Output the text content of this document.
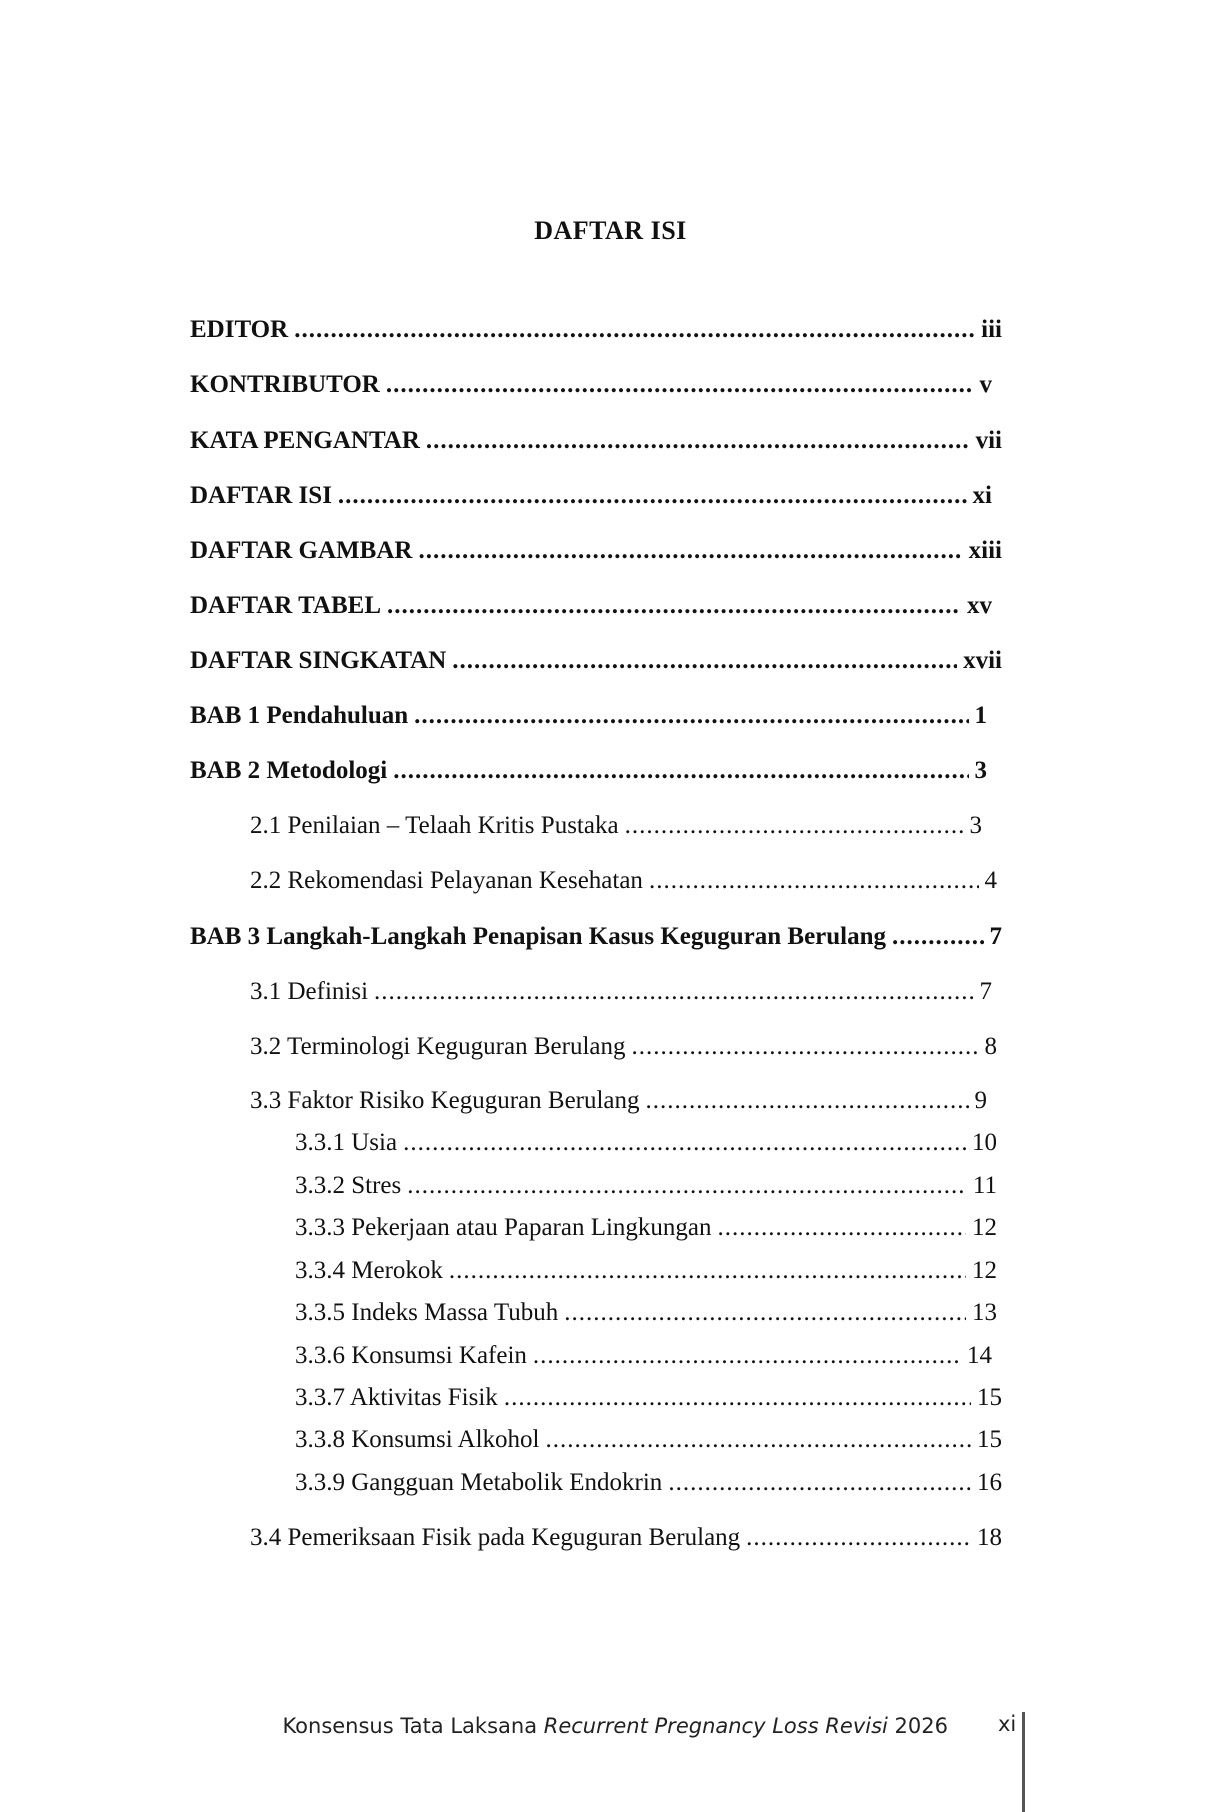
DAFTAR ISI
EDITOR .....	iii
KONTRIBUTOR .....	v
KATA PENGANTAR .....	vii
DAFTAR ISI .....	xi
DAFTAR GAMBAR .....	xiii
DAFTAR TABEL .....	xv
DAFTAR SINGKATAN .....	xvii
BAB 1 Pendahuluan .....	1
BAB 2 Metodologi .....	3
2.1 Penilaian – Telaah Kritis Pustaka .....	3
2.2 Rekomendasi Pelayanan Kesehatan .....	4
BAB 3 Langkah-Langkah Penapisan Kasus Keguguran Berulang .....	7
3.1 Definisi .....	7
3.2 Terminologi Keguguran Berulang .....	8
3.3 Faktor Risiko Keguguran Berulang .....	9
3.3.1 Usia .....	10
3.3.2 Stres .....	11
3.3.3 Pekerjaan atau Paparan Lingkungan .....	12
3.3.4 Merokok .....	12
3.3.5 Indeks Massa Tubuh .....	13
3.3.6 Konsumsi Kafein .....	14
3.3.7 Aktivitas Fisik .....	15
3.3.8 Konsumsi Alkohol .....	15
3.3.9 Gangguan Metabolik Endokrin .....	16
3.4 Pemeriksaan Fisik pada Keguguran Berulang .....	18
Konsensus Tata Laksana Recurrent Pregnancy Loss Revisi 2026 xi
